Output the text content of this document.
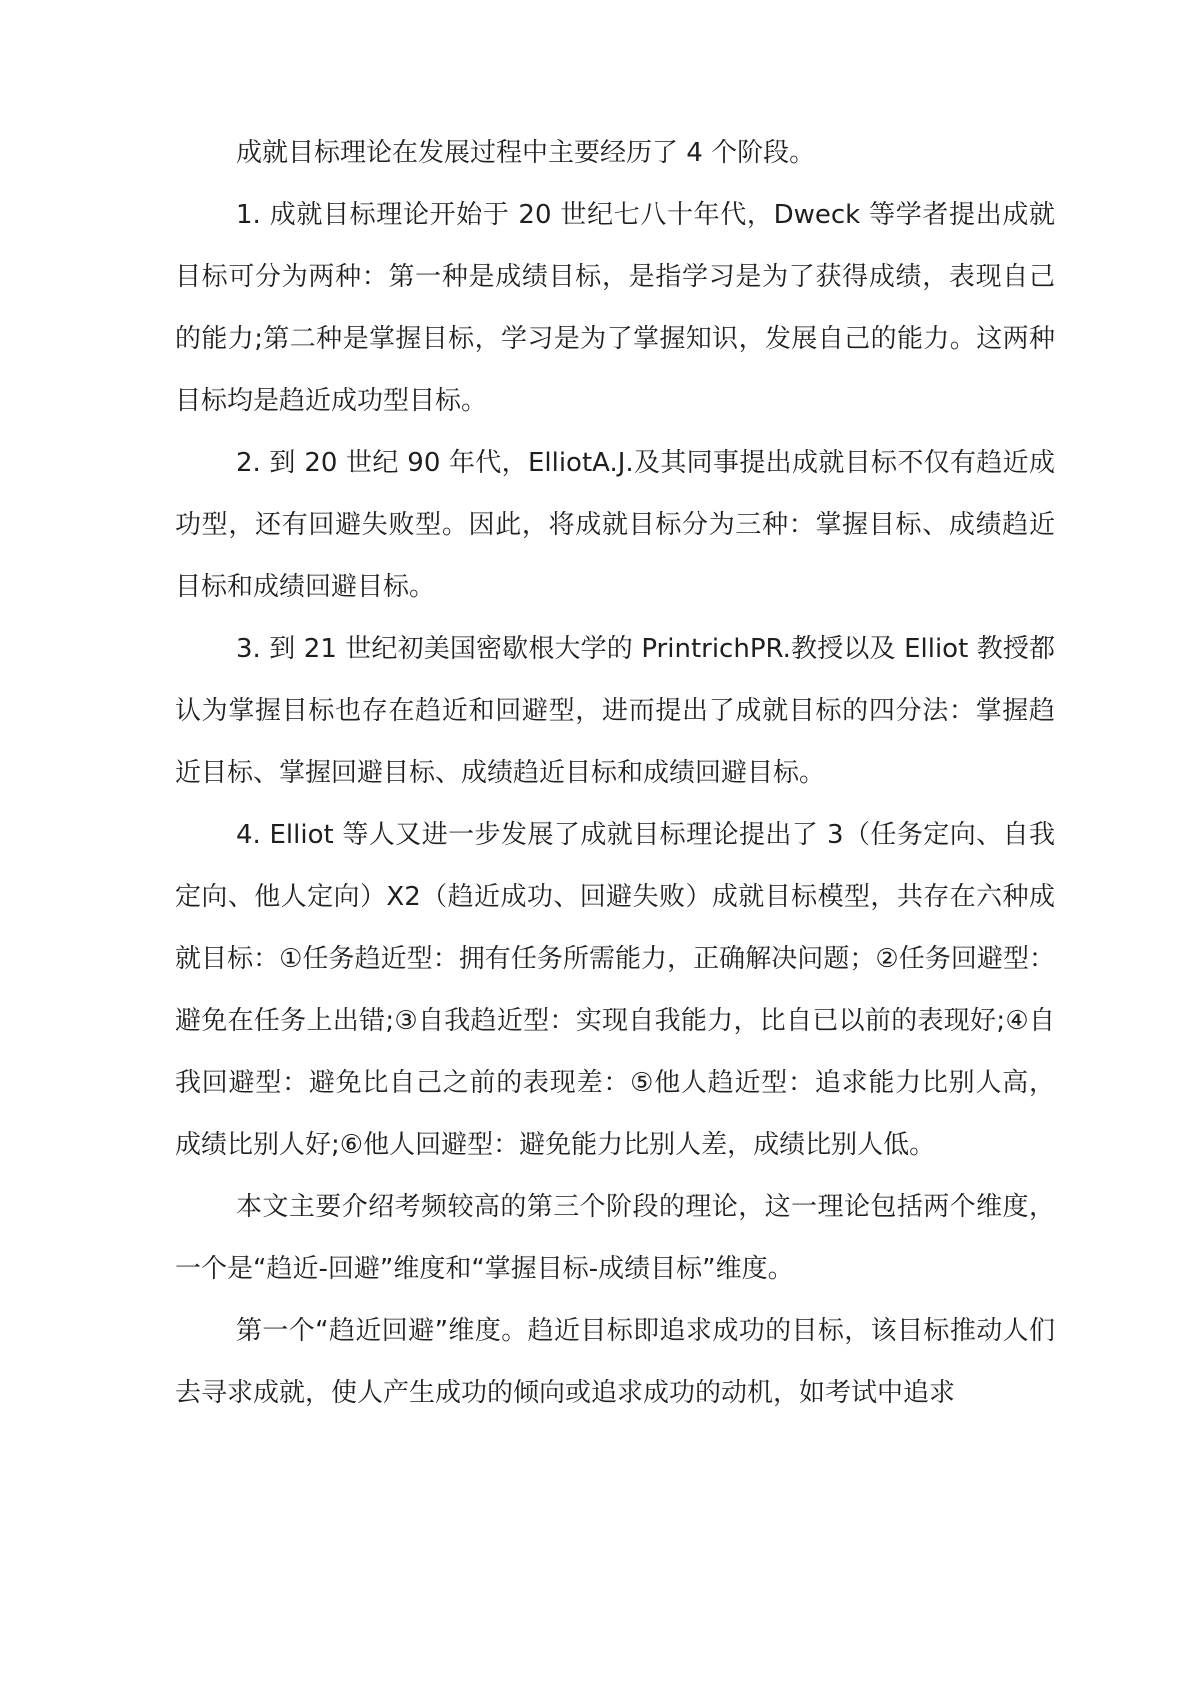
成就目标理论在发展过程中主要经历了 4 个阶段。

1. 成就目标理论开始于 20 世纪七八十年代，Dweck 等学者提出成就目标可分为两种：第一种是成绩目标，是指学习是为了获得成绩，表现自己的能力;第二种是掌握目标，学习是为了掌握知识，发展自己的能力。这两种目标均是趋近成功型目标。

2. 到 20 世纪 90 年代，ElliotA.J.及其同事提出成就目标不仅有趋近成功型，还有回避失败型。因此，将成就目标分为三种：掌握目标、成绩趋近目标和成绩回避目标。

3. 到 21 世纪初美国密歇根大学的 PrintrichPR.教授以及 Elliot 教授都认为掌握目标也存在趋近和回避型，进而提出了成就目标的四分法：掌握趋近目标、掌握回避目标、成绩趋近目标和成绩回避目标。

4. Elliot 等人又进一步发展了成就目标理论提出了 3（任务定向、自我定向、他人定向）X2（趋近成功、回避失败）成就目标模型，共存在六种成就目标：①任务趋近型：拥有任务所需能力，正确解决问题；②任务回避型：避免在任务上出错;③自我趋近型：实现自我能力，比自已以前的表现好;④自我回避型：避免比自己之前的表现差：⑤他人趋近型：追求能力比别人高，成绩比别人好;⑥他人回避型：避免能力比别人差，成绩比别人低。

本文主要介绍考频较高的第三个阶段的理论，这一理论包括两个维度，一个是“趋近-回避”维度和“掌握目标-成绩目标”维度。

第一个“趋近回避”维度。趋近目标即追求成功的目标，该目标推动人们去寻求成就，使人产生成功的倾向或追求成功的动机，如考试中追求
